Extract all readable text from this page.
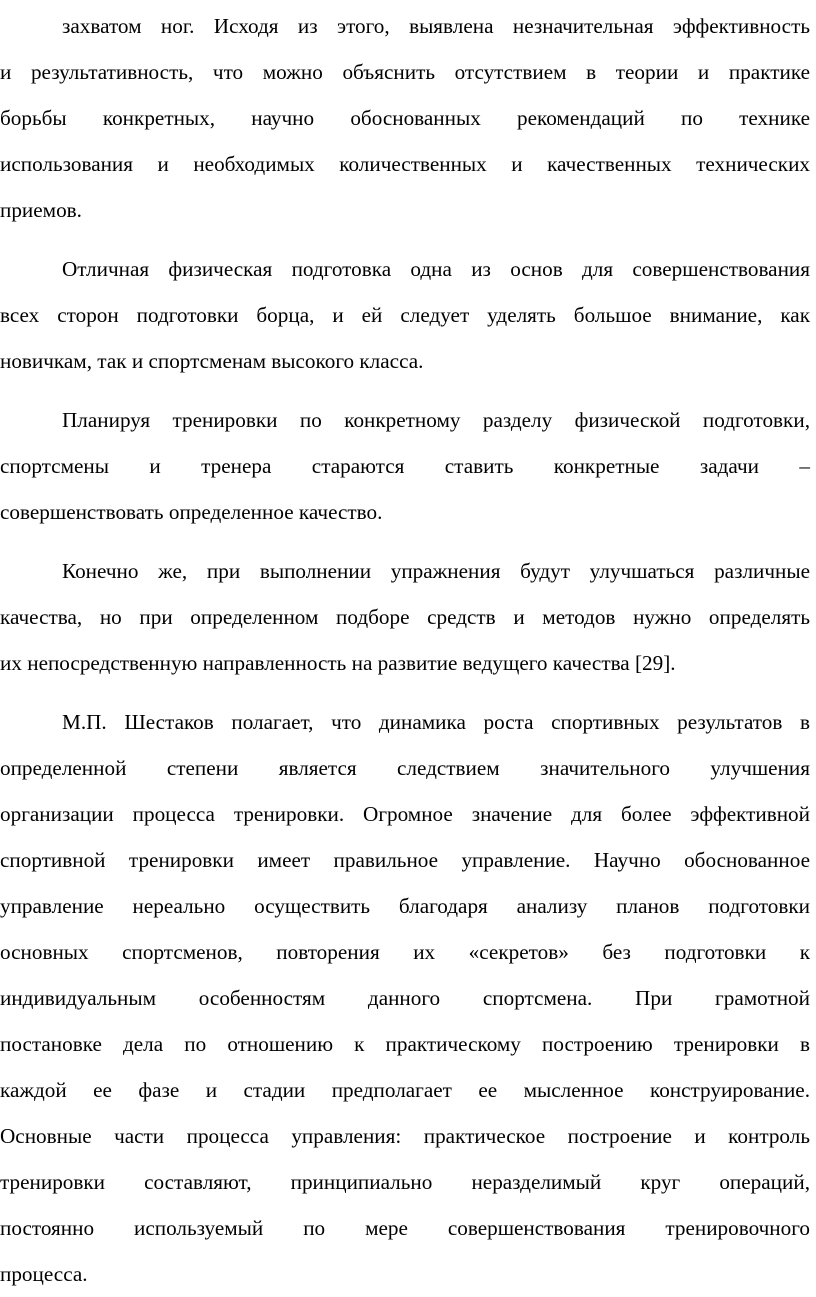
захватом ног. Исходя из этого, выявлена незначительная эффективность
и результативность, что можно объяснить отсутствием в теории и практике
борьбы конкретных, научно обоснованных рекомендаций по технике
использования и необходимых количественных и качественных технических
приемов.
Отличная физическая подготовка одна из основ для совершенствования
всех сторон подготовки борца, и ей следует уделять большое внимание, как
новичкам, так и спортсменам высокого класса.
Планируя тренировки по конкретному разделу физической подготовки,
спортсмены и тренера стараются ставить конкретные задачи –
совершенствовать определенное качество.
Конечно же, при выполнении упражнения будут улучшаться различные
качества, но при определенном подборе средств и методов нужно определять
их непосредственную направленность на развитие ведущего качества [29].
М.П. Шестаков полагает, что динамика роста спортивных результатов в
определенной степени является следствием значительного улучшения
организации процесса тренировки. Огромное значение для более эффективной
спортивной тренировки имеет правильное управление. Научно обоснованное
управление нереально осуществить благодаря анализу планов подготовки
основных спортсменов, повторения их «секретов» без подготовки к
индивидуальным особенностям данного спортсмена. При грамотной
постановке дела по отношению к практическому построению тренировки в
каждой ее фазе и стадии предполагает ее мысленное конструирование.
Основные части процесса управления: практическое построение и контроль
тренировки составляют, принципиально неразделимый круг операций,
постоянно используемый по мере совершенствования тренировочного
процесса.
